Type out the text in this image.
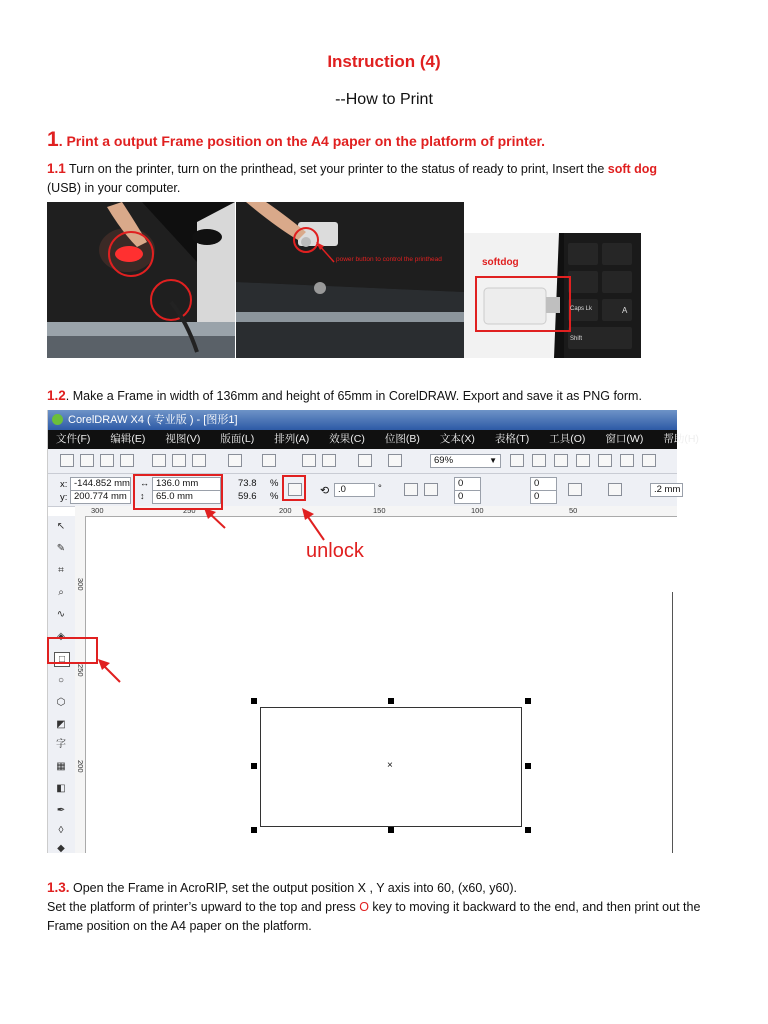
Instruction (4)
--How to Print
1. Print a output Frame position on the A4 paper on the platform of printer.
1.1 Turn on the printer, turn on the printhead, set your printer to the status of ready to print, Insert the soft dog
(USB) in your computer.
power button to control the printhead	softdog
Caps Lk
Shift
A
1.2. Make a Frame in width of 136mm and height of 65mm in CorelDRAW. Export and save it as PNG form.
CorelDRAW X4 ( 专业版 ) - [图形1]
文件(F) 编辑(E) 视图(V) 版面(L) 排列(A) 效果(C) 位图(B) 文本(X) 表格(T) 工具(O) 窗口(W) 帮助(H)
69%	▼
x: -144.852 mm
y: 200.774 mm
↔ 136.0 mm
↕	65.0 mm
73.8	%
59.6	%	⟲ .0	°	0
0
0
0
.2 mm
300	250	200	150	100	50
↖
✎
⌗
⌕
∿
◈
□
○
⬡
◩
字
▦
◧
✒
◊
◆
300
250
200	×
unlock
1.3. Open the Frame in AcroRIP, set the output position X , Y axis into 60, (x60, y60).
Set the platform of printer’s upward to the top and press O key to moving it backward to the end, and then print out the Frame position on the A4 paper on the platform.
